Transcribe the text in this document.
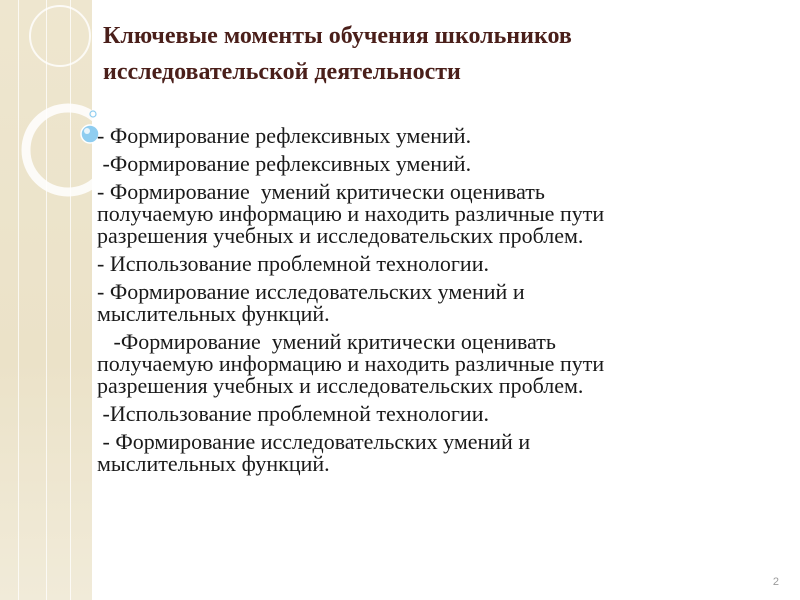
Ключевые моменты обучения школьников
исследовательской деятельности
- Формирование рефлексивных умений.
-Формирование рефлексивных умений.
- Формирование  умений критически оценивать
получаемую информацию и находить различные пути
разрешения учебных и исследовательских проблем.
- Использование проблемной технологии.
- Формирование исследовательских умений и
мыслительных функций.
-Формирование  умений критически оценивать
получаемую информацию и находить различные пути
разрешения учебных и исследовательских проблем.
-Использование проблемной технологии.
- Формирование исследовательских умений и
мыслительных функций.
2
